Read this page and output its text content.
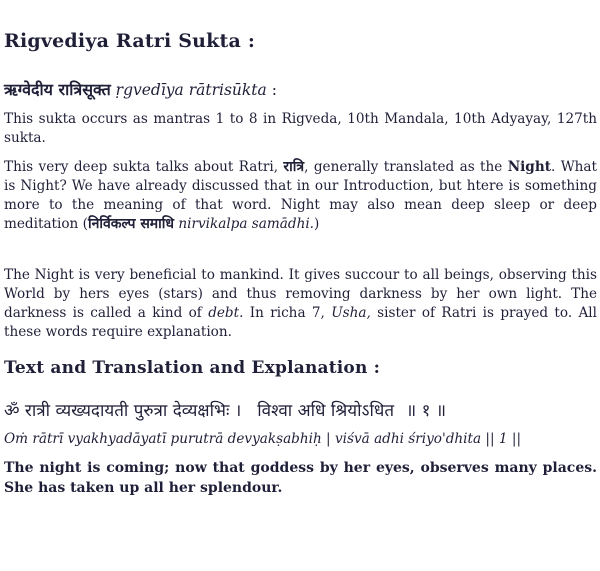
Rigvediya Ratri Sukta :
ऋग्वेदीय रात्रिसूक्त ṛgvedīya rātrisūkta :

This sukta occurs as mantras 1 to 8 in Rigveda, 10th Mandala, 10th Adyayay, 127th sukta.

This very deep sukta talks about Ratri, रात्रि, generally translated as the Night. What is Night? We have already discussed that in our Introduction, but htere is something more to the meaning of that word. Night may also mean deep sleep or deep meditation (निर्विकल्प समाधि nirvikalpa samādhi.)

The Night is very beneficial to mankind. It gives succour to all beings, observing this World by hers eyes (stars) and thus removing darkness by her own light. The darkness is called a kind of debt. In richa 7, Usha, sister of Ratri is prayed to. All these words require explanation.

Text and Translation and Explanation :
ॐ रात्री व्यख्यदायती पुरुत्रा देव्यक्षभिः । विश्वा अधि श्रियोऽधित ॥ १ ॥
Oṁ rātrī vyakhyadāyatī purutrā devyakṣabhiḥ | viśvā adhi śriyo'dhita || 1 ||
The night is coming; now that goddess by her eyes, observes many places. She has taken up all her splendour.
